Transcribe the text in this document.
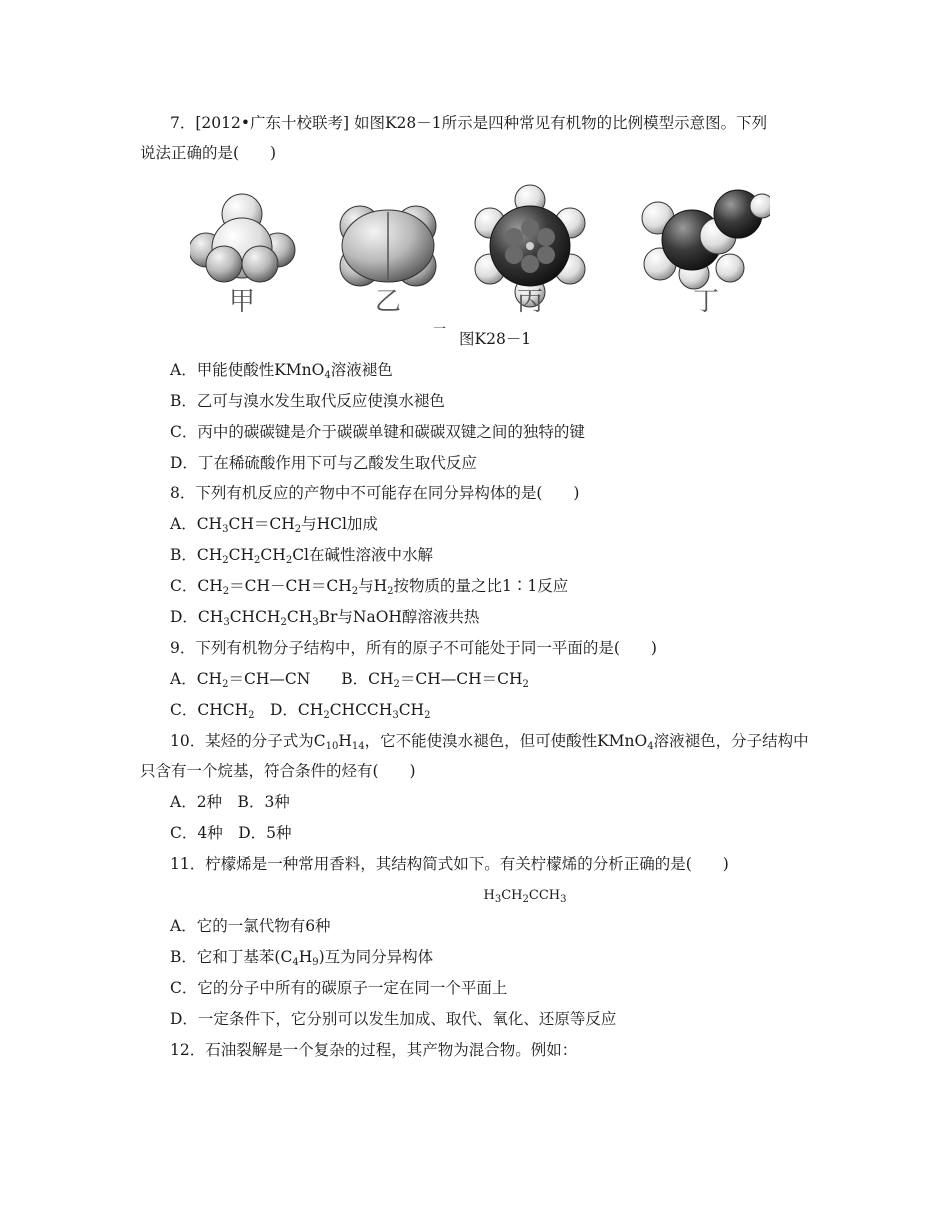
7．[2012•广东十校联考] 如图K28－1所示是四种常见有机物的比例模型示意图。下列
说法正确的是(　　)
甲	乙	丙	丁
一
图K28－1
A．甲能使酸性KMnO$_4$溶液褪色
B．乙可与溴水发生取代反应使溴水褪色
C．丙中的碳碳键是介于碳碳单键和碳碳双键之间的独特的键
D．丁在稀硫酸作用下可与乙酸发生取代反应
8．下列有机反应的产物中不可能存在同分异构体的是(　　)
A．$CH_3CH=CH_2$与HCl加成
B．$CH_2CH_2CH_2Cl$在碱性溶液中水解
C．$CH_2=CH-CH=CH_2$与$H_2$按物质的量之比1∶1反应
D．$CH_3CHCH_2CH_3Br$与NaOH醇溶液共热
9．下列有机物分子结构中，所有的原子不可能处于同一平面的是(　　)
A．$CH_2=CH—CN$　　B．$CH_2=CH—CH=CH_2$
C．$CHCH_2$　D．$CH_2CHCCH_3CH_2$
10．某烃的分子式为$C_{10}H_{14}$，它不能使溴水褪色，但可使酸性KMnO$_4$溶液褪色，分子结构中
只含有一个烷基，符合条件的烃有(　　)
A．2种　B．3种
C．4种　D．5种
11．柠檬烯是一种常用香料，其结构简式如下。有关柠檬烯的分析正确的是(　　)
$H_3CH_2CCH_3$
A．它的一氯代物有6种
B．它和丁基苯$(C_4H_9)$互为同分异构体
C．它的分子中所有的碳原子一定在同一个平面上
D．一定条件下，它分别可以发生加成、取代、氧化、还原等反应
12．石油裂解是一个复杂的过程，其产物为混合物。例如：
